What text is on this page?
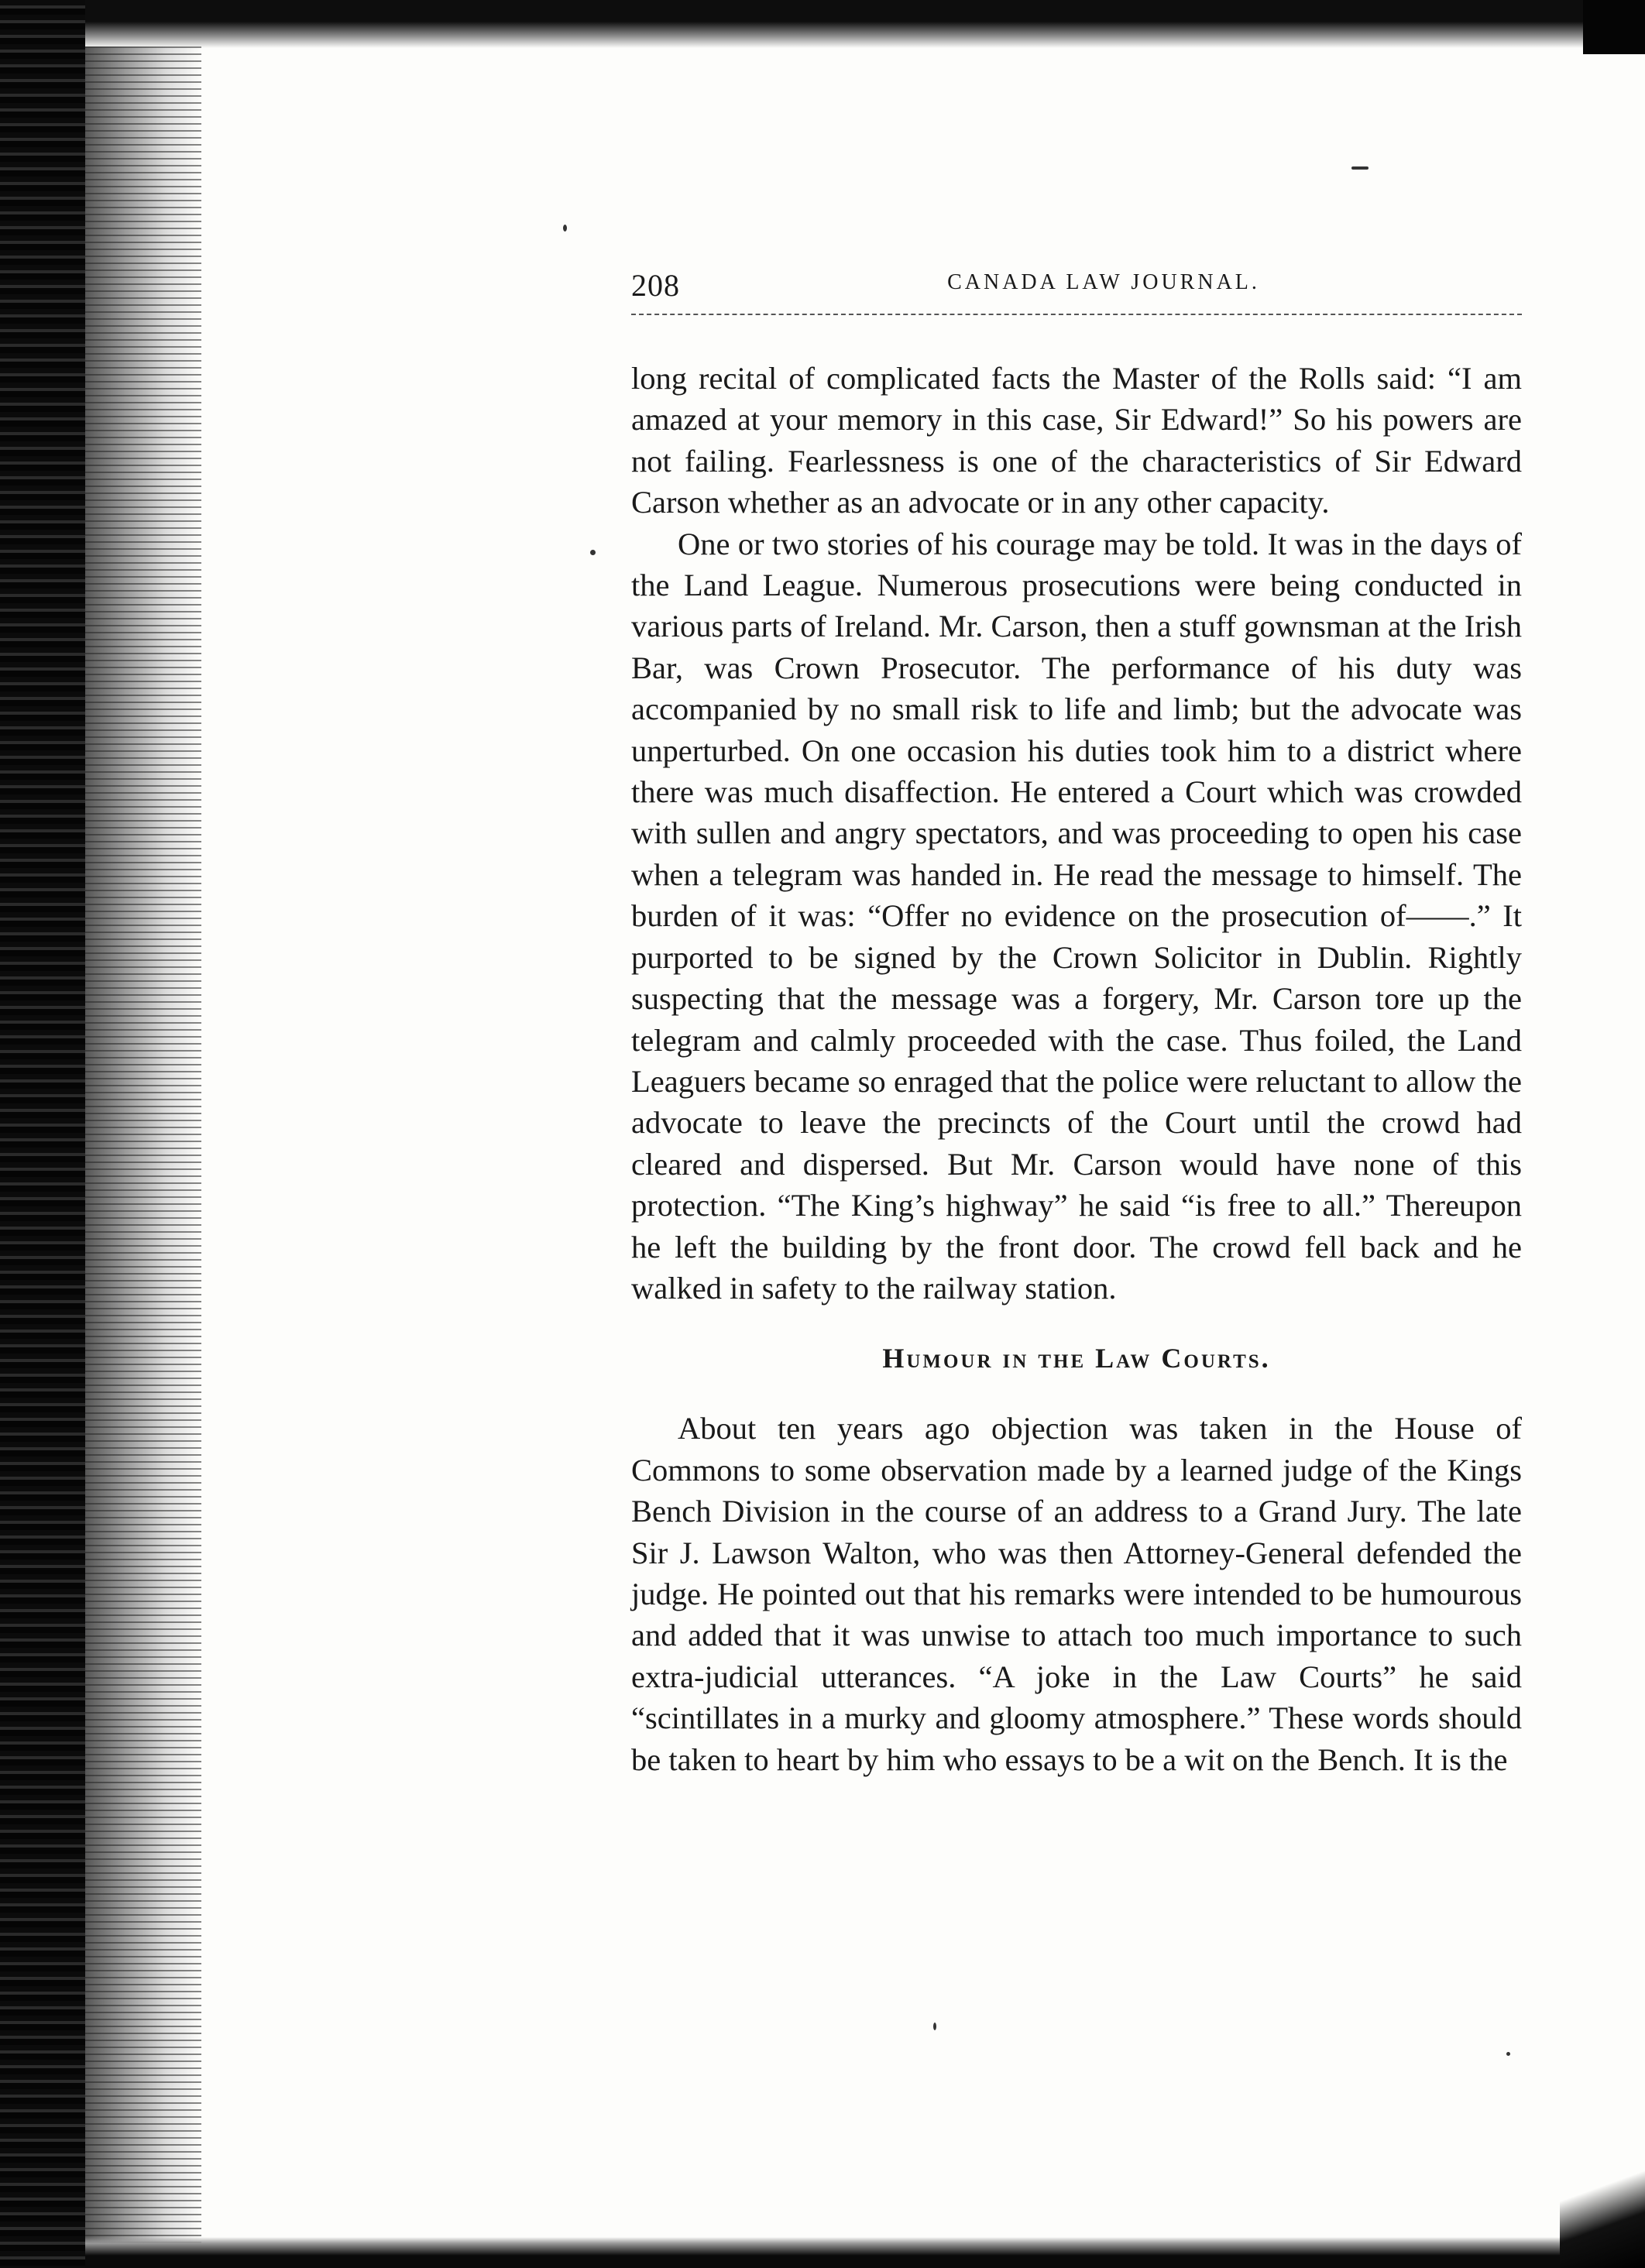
208	CANADA LAW JOURNAL.

long recital of complicated facts the Master of the Rolls said: “I am amazed at your memory in this case, Sir Edward!” So his powers are not failing. Fearlessness is one of the characteristics of Sir Edward Carson whether as an advocate or in any other capacity.

One or two stories of his courage may be told. It was in the days of the Land League. Numerous prosecutions were being conducted in various parts of Ireland. Mr. Carson, then a stuff gownsman at the Irish Bar, was Crown Prosecutor. The performance of his duty was accompanied by no small risk to life and limb; but the advocate was unperturbed. On one occasion his duties took him to a district where there was much disaffection. He entered a Court which was crowded with sullen and angry spectators, and was proceeding to open his case when a telegram was handed in. He read the message to himself. The burden of it was: “Offer no evidence on the prosecution of——.” It purported to be signed by the Crown Solicitor in Dublin. Rightly suspecting that the message was a forgery, Mr. Carson tore up the telegram and calmly proceeded with the case. Thus foiled, the Land Leaguers became so enraged that the police were reluctant to allow the advocate to leave the precincts of the Court until the crowd had cleared and dispersed. But Mr. Carson would have none of this protection. “The King’s highway” he said “is free to all.” Thereupon he left the building by the front door. The crowd fell back and he walked in safety to the railway station.

Humour in the Law Courts.

About ten years ago objection was taken in the House of Commons to some observation made by a learned judge of the Kings Bench Division in the course of an address to a Grand Jury. The late Sir J. Lawson Walton, who was then Attorney-General defended the judge. He pointed out that his remarks were intended to be humourous and added that it was unwise to attach too much importance to such extra-judicial utterances. “A joke in the Law Courts” he said “scintillates in a murky and gloomy atmosphere.” These words should be taken to heart by him who essays to be a wit on the Bench. It is the
